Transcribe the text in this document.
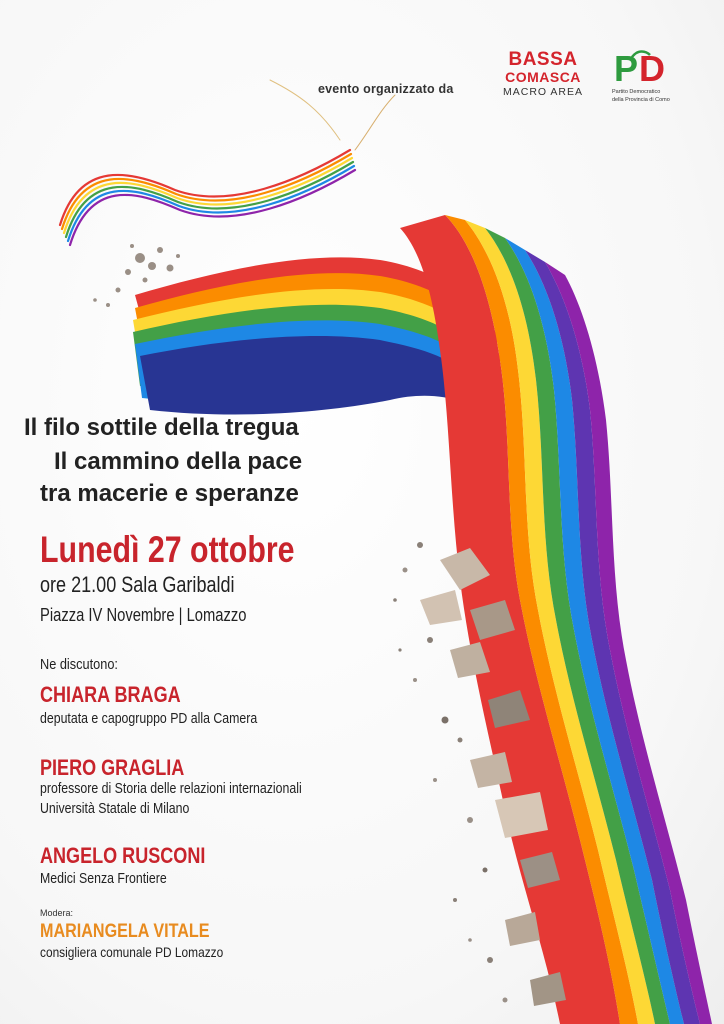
evento organizzato da
BASSA
COMASCA
MACRO AREA
P D
Partito Democratico
della Provincia di Como
Il filo sottile della tregua
Il cammino della pace
tra macerie e speranze
Lunedì 27 ottobre
ore 21.00 Sala Garibaldi
Piazza IV Novembre | Lomazzo
Ne discutono:
CHIARA BRAGA
deputata e capogruppo PD alla Camera
PIERO GRAGLIA
professore di Storia delle relazioni internazionali
Università Statale di Milano
ANGELO RUSCONI
Medici Senza Frontiere
Modera:
MARIANGELA VITALE
consigliera comunale PD Lomazzo
